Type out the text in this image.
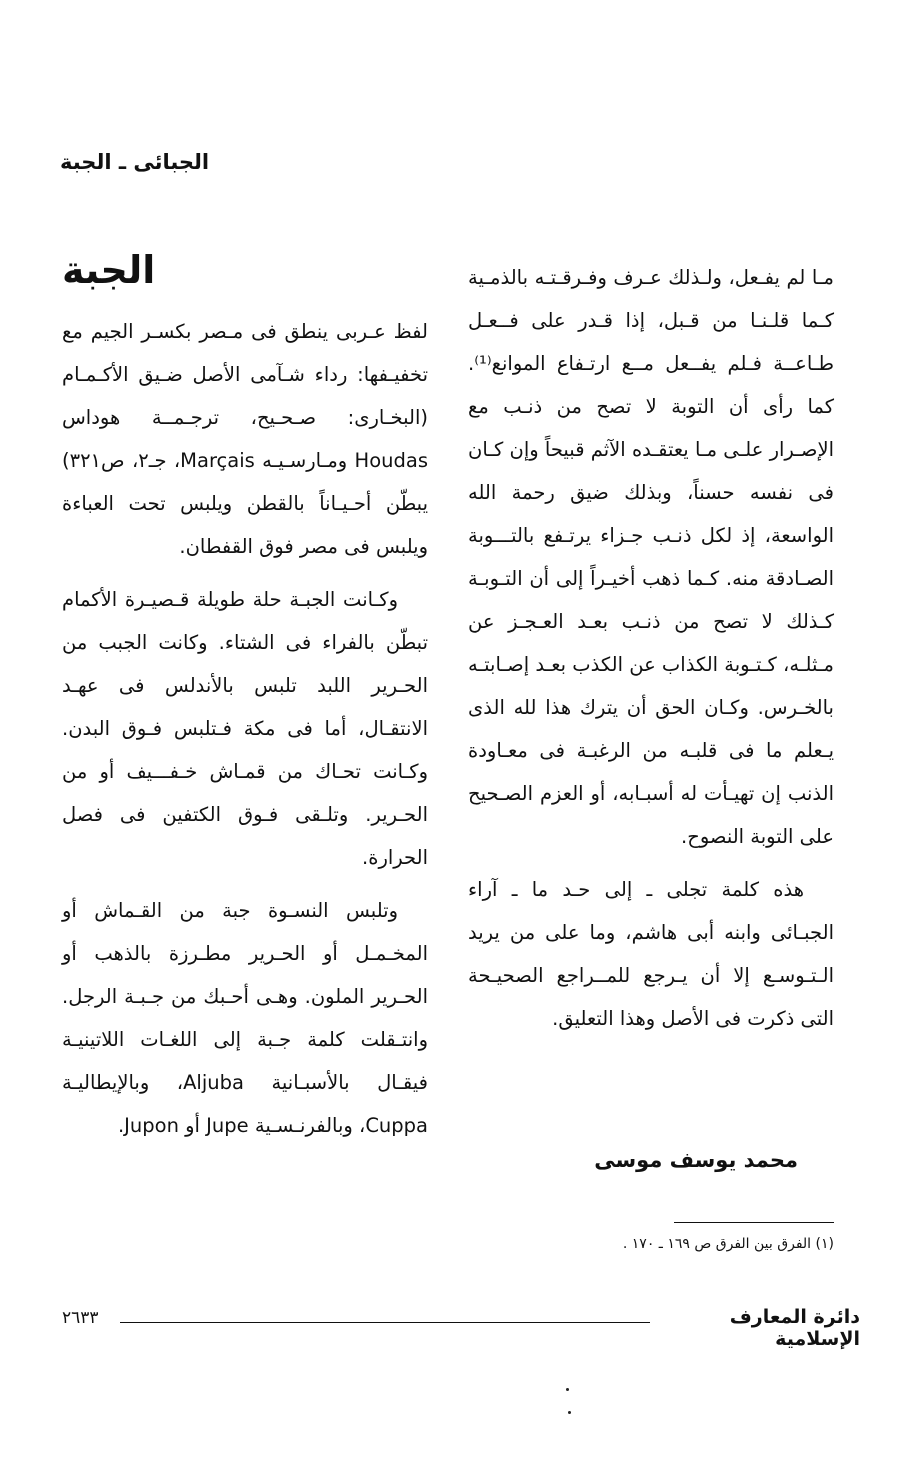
الجبائى ـ الجبة

مـا لم يفـعل، ولـذلك عـرف وفـرقـتـه بالذمـية كـما قلـنـا من قـبل، إذا قـدر على فــعـل طـاعــة فـلم يفــعل مــع ارتـفاع الموانع⁽¹⁾. كما رأى أن التوبة لا تصح من ذنـب مع الإصـرار علـى مـا يعتقـده الآثم قبيحاً وإن كـان فى نفسه حسناً، وبذلك ضيق رحمة الله الواسعة، إذ لكل ذنـب جـزاء يرتـفع بالتـــوبة الصـادقة منه. كـما ذهب أخيـراً إلى أن التـوبـة كـذلك لا تصح من ذنـب بعـد العـجـز عن مـثلـه، كـتـوبة الكذاب عن الكذب بعـد إصـابتـه بالخـرس. وكـان الحق أن يترك هذا لله الذى يـعلم ما فى قلبـه من الرغبـة فى معـاودة الذنب إن تهيـأت له أسبـابه، أو العزم الصـحيح على التوبة النصوح.

هذه كلمة تجلى ـ إلى حـد ما ـ آراء الجبـائى وابنه أبى هاشم، وما على من يريد الـتـوسـع إلا أن يـرجع للمــراجع الصحيـحة التى ذكرت فى الأصل وهذا التعليق.

محمد يوسف موسى
(١) الفرق بين الفرق ص ١٦٩ ـ ١٧٠ .
الجبة

لفظ عـربى ينطق فى مـصر بكسـر الجيم مع تخفيـفها: رداء شـآمى الأصل ضـيق الأكـمـام (البخـارى: صـحـيح، ترجـمــة هوداس Houdas ومـارسـيـه Marçais، جـ٢، ص٣٢١) يبطّن أحـيـاناً بالقطن ويلبس تحت العباءة ويلبس فى مصر فوق القفطان.

وكـانت الجبـة حلة طويلة قـصيـرة الأكمام تبطّن بالفراء فى الشتاء. وكانت الجبب من الحـرير اللبد تلبس بالأندلس فى عهـد الانتقـال، أما فى مكة فـتلبس فـوق البدن. وكـانت تحـاك من قمـاش خـفـــيف أو من الحـرير. وتلـقى فـوق الكتفين فى فصل الحرارة.

وتلبس النسـوة جبة من القـماش أو المخـمـل أو الحـرير مطـرزة بالذهب أو الحـرير الملون. وهـى أحـبك من جـبـة الرجل. وانتـقلت كلمة جـبة إلى اللغـات اللاتينيـة فيقـال بالأسبـانية Aljuba، وبالإيطاليـة Cuppa، وبالفرنـسـية Jupe أو Jupon.

دائرة المعارف الإسلامية
٢٦٣٣
